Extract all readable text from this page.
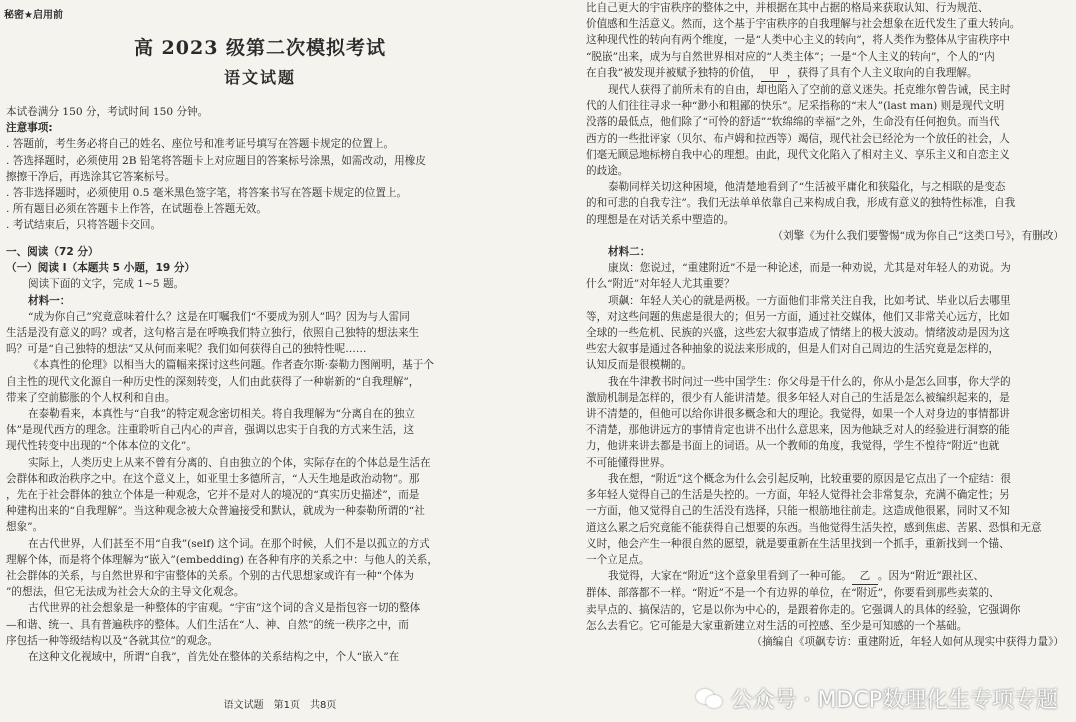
秘密★启用前
高 2023 级第二次模拟考试
语文试题
本试卷满分 150 分，考试时间 150 分钟。
注意事项:
. 答题前，考生务必将自己的姓名、座位号和准考证号填写在答题卡规定的位置上。
. 答选择题时，必须使用 2B 铅笔将答题卡上对应题目的答案标号涂黑，如需改动，用橡皮
擦擦干净后，再选涂其它答案标号。
. 答非选择题时，必须使用 0.5 毫米黑色签字笔，将答案书写在答题卡规定的位置上。
. 所有题目必须在答题卡上作答，在试题卷上答题无效。
. 考试结束后，只将答题卡交回。
一、阅读（72 分）
（一）阅读 I（本题共 5 小题，19 分）
阅读下面的文字，完成 1~5 题。
材料一：
“成为你自己”究竟意味着什么？这是在叮嘱我们“不要成为别人”吗？因为与人雷同
生活是没有意义的吗？或者，这句格言是在呼唤我们特立独行，依照自己独特的想法来生
吗？可是“自己独特的想法”又从何而来呢？我们如何获得自己的独特性呢……
《本真性的伦理》以相当大的篇幅来探讨这些问题。作者查尔斯·泰勒力图阐明，基于个
自主性的现代文化源自一种历史性的深刻转变，人们由此获得了一种崭新的“自我理解”，
带来了空前膨胀的个人权利和自由。
在泰勒看来，本真性与“自我”的特定观念密切相关。将自我理解为“分离自在的独立
体”是现代西方的理念。注重聆听自己内心的声音，强调以忠实于自我的方式来生活，这
现代性转变中出现的“个体本位的文化”。
实际上，人类历史上从来不曾有分离的、自由独立的个体，实际存在的个体总是生活在
会群体和政治秩序之中。在这个意义上，如亚里士多德所言，“人天生地是政治动物”。那
，先在于社会群体的独立个体是一种观念，它并不是对人的境况的“真实历史描述”，而是
种建构出来的“自我理解”。当这种观念被大众普遍接受和默认，就成为一种泰勒所谓的“社
想象”。
在古代世界，人们甚至不用“自我”(self) 这个词。在那个时候，人们不是以孤立的方式
理解个体，而是将个体理解为“嵌入”(embedding) 在各种有序的关系之中：与他人的关系，
社会群体的关系，与自然世界和宇宙整体的关系。个别的古代思想家或许有一种“个体为
”的想法，但它无法成为社会大众的主导文化观念。
古代世界的社会想象是一种整体的宇宙观。“宇宙”这个词的含义是指包容一切的整体
—和谐、统一、具有普遍秩序的整体。人们生活在“人、神、自然”的统一秩序之中，而
序包括一种等级结构以及“各就其位”的观念。
在这种文化视域中，所谓“自我”，首先处在整体的关系结构之中，个人“嵌入”在
语文试题　第1页　共8页
比自己更大的宇宙秩序的整体之中，并根据在其中占据的格局来获取认知、行为规范、
价值感和生活意义。然而，这个基于宇宙秩序的自我理解与社会想象在近代发生了重大转向。
这种现代性的转向有两个维度，一是“人类中心主义的转向”，将人类作为整体从宇宙秩序中
“脱嵌”出来，成为与自然世界相对应的“人类主体”；一是“个人主义的转向”，个人的“内
在自我”被发现并被赋予独特的价值， 甲 ，获得了具有个人主义取向的自我理解。
现代人获得了前所未有的自由，却也陷入了空前的意义迷失。托克维尔曾告诫，民主时
代的人们往往寻求一种“渺小和粗鄙的快乐”。尼采指称的“末人”(last man) 则是现代文明
没落的最低点，他们除了“可怜的舒适”“软绵绵的幸福”之外，生命没有任何抱负。而当代
西方的一些批评家（贝尔、布卢姆和拉西等）竭信，现代社会已经沦为一个放任的社会，人
们毫无顾忌地标榜自我中心的理想。由此，现代文化陷入了相对主义、享乐主义和自恋主义
的歧途。
泰勒同样关切这种困境，他清楚地看到了“生活被平庸化和狭隘化，与之相联的是变态
的和可悲的自我专注”。我们无法单单依靠自己来构成自我，形成有意义的独特性标准，自我
的理想是在对话关系中塑造的。
（刘擎《为什么我们要警惕“成为你自己”这类口号》，有删改）
材料二：
康岚：您说过，“重建附近”不是一种论述，而是一种劝说，尤其是对年轻人的劝说。为
什么“附近”对年轻人尤其重要？
项飙：年轻人关心的就是两极。一方面他们非常关注自我，比如考试、毕业以后去哪里
等，对这些问题的焦虑是很大的；但另一方面，通过社交媒体，他们又非常关心远方，比如
全球的一些危机、民族的兴盛，这些宏大叙事造成了情绪上的极大波动。情绪波动是因为这
些宏大叙事是通过各种抽象的说法来形成的，但是人们对自己周边的生活究竟是怎样的，
认知反而是很模糊的。
我在牛津教书时问过一些中国学生：你父母是干什么的，你从小是怎么回事，你大学的
激励机制是怎样的，很少有人能讲清楚。很多年轻人对自己的生活是怎么被编织起来的，是
讲不清楚的，但他可以给你讲很多概念和大的理论。我觉得，如果一个人对身边的事情都讲
不清楚，那他讲远方的事情肯定也讲不出什么意思来，因为他缺乏对人的经验进行洞察的能
力，他讲来讲去都是书面上的词语。从一个教师的角度，我觉得，学生不惶待“附近”也就
不可能懂得世界。
我在想，“附近”这个概念为什么会引起反响，比较重要的原因是它点出了一个症结：很
多年轻人觉得自己的生活是失控的。一方面，年轻人觉得社会非常复杂，充满不确定性；另
一方面，他又觉得自己的生活没有选择，只能一根筋地往前走。这造成他很累，同时又不知
道这么累之后究竟能不能获得自己想要的东西。当他觉得生活失控，感到焦虑、苦累、恐惧和无意
义时，他会产生一种很自然的愿望，就是要重新在生活里找到一个抓手，重新找到一个锚、
一个立足点。
我觉得，大家在“附近”这个意象里看到了一种可能。 乙 。因为“附近”跟社区、
群体、部落都不一样。“附近”不是一个有边界的单位，在“附近”，你要看到那些卖菜的、
卖早点的、搞保洁的，它是以你为中心的，是跟着你走的。它强调人的具体的经验，它强调你
怎么去看它。它可能是大家重新建立对生活的可控感、至少是可知感的一个基础。
（摘编自《项飙专访：重建附近，年轻人如何从现实中获得力量》）
公众号 · MDCP数理化生专项专题
